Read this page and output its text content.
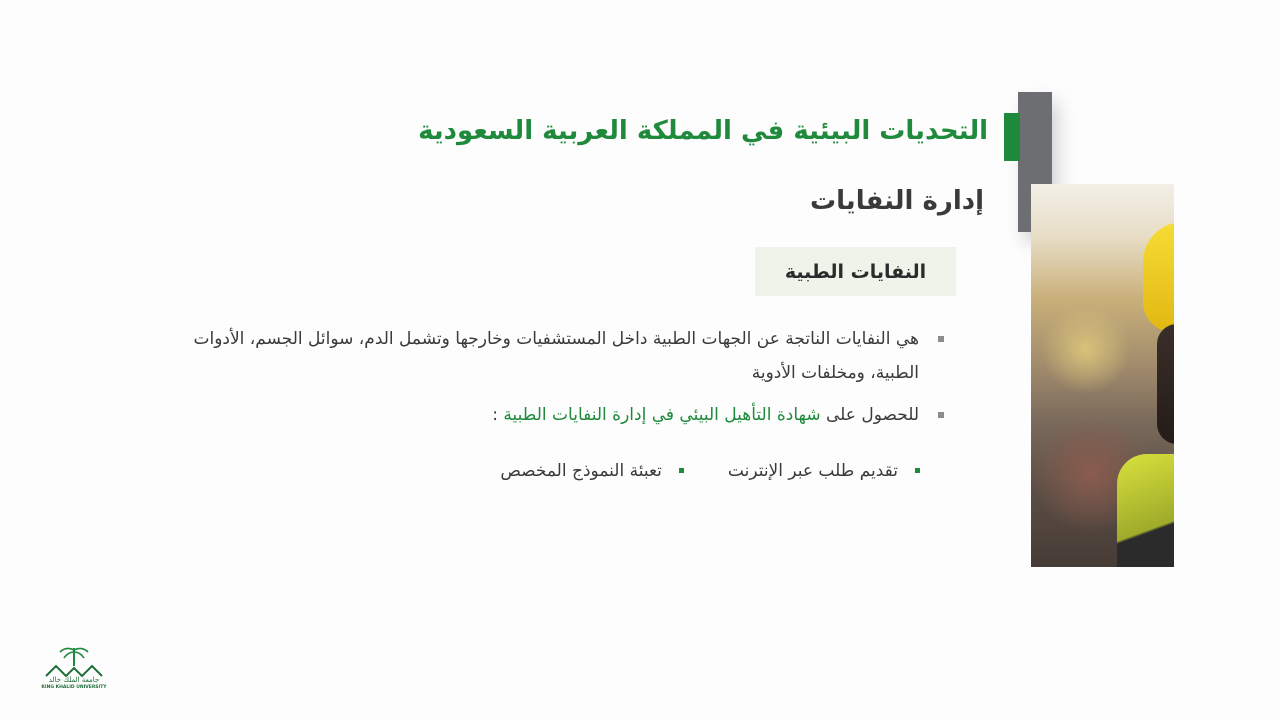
التحديات البيئية في المملكة العربية السعودية
إدارة النفايات
النفايات الطبية
هي النفايات الناتجة عن الجهات الطبية داخل المستشفيات وخارجها وتشمل الدم، سوائل الجسم، الأدوات الطبية، ومخلفات الأدوية
للحصول على شهادة التأهيل البيئي في إدارة النفايات الطبية :
تقديم طلب عبر الإنترنت
تعبئة النموذج المخصص
جامعة الملك خالد
KING KHALID UNIVERSITY
